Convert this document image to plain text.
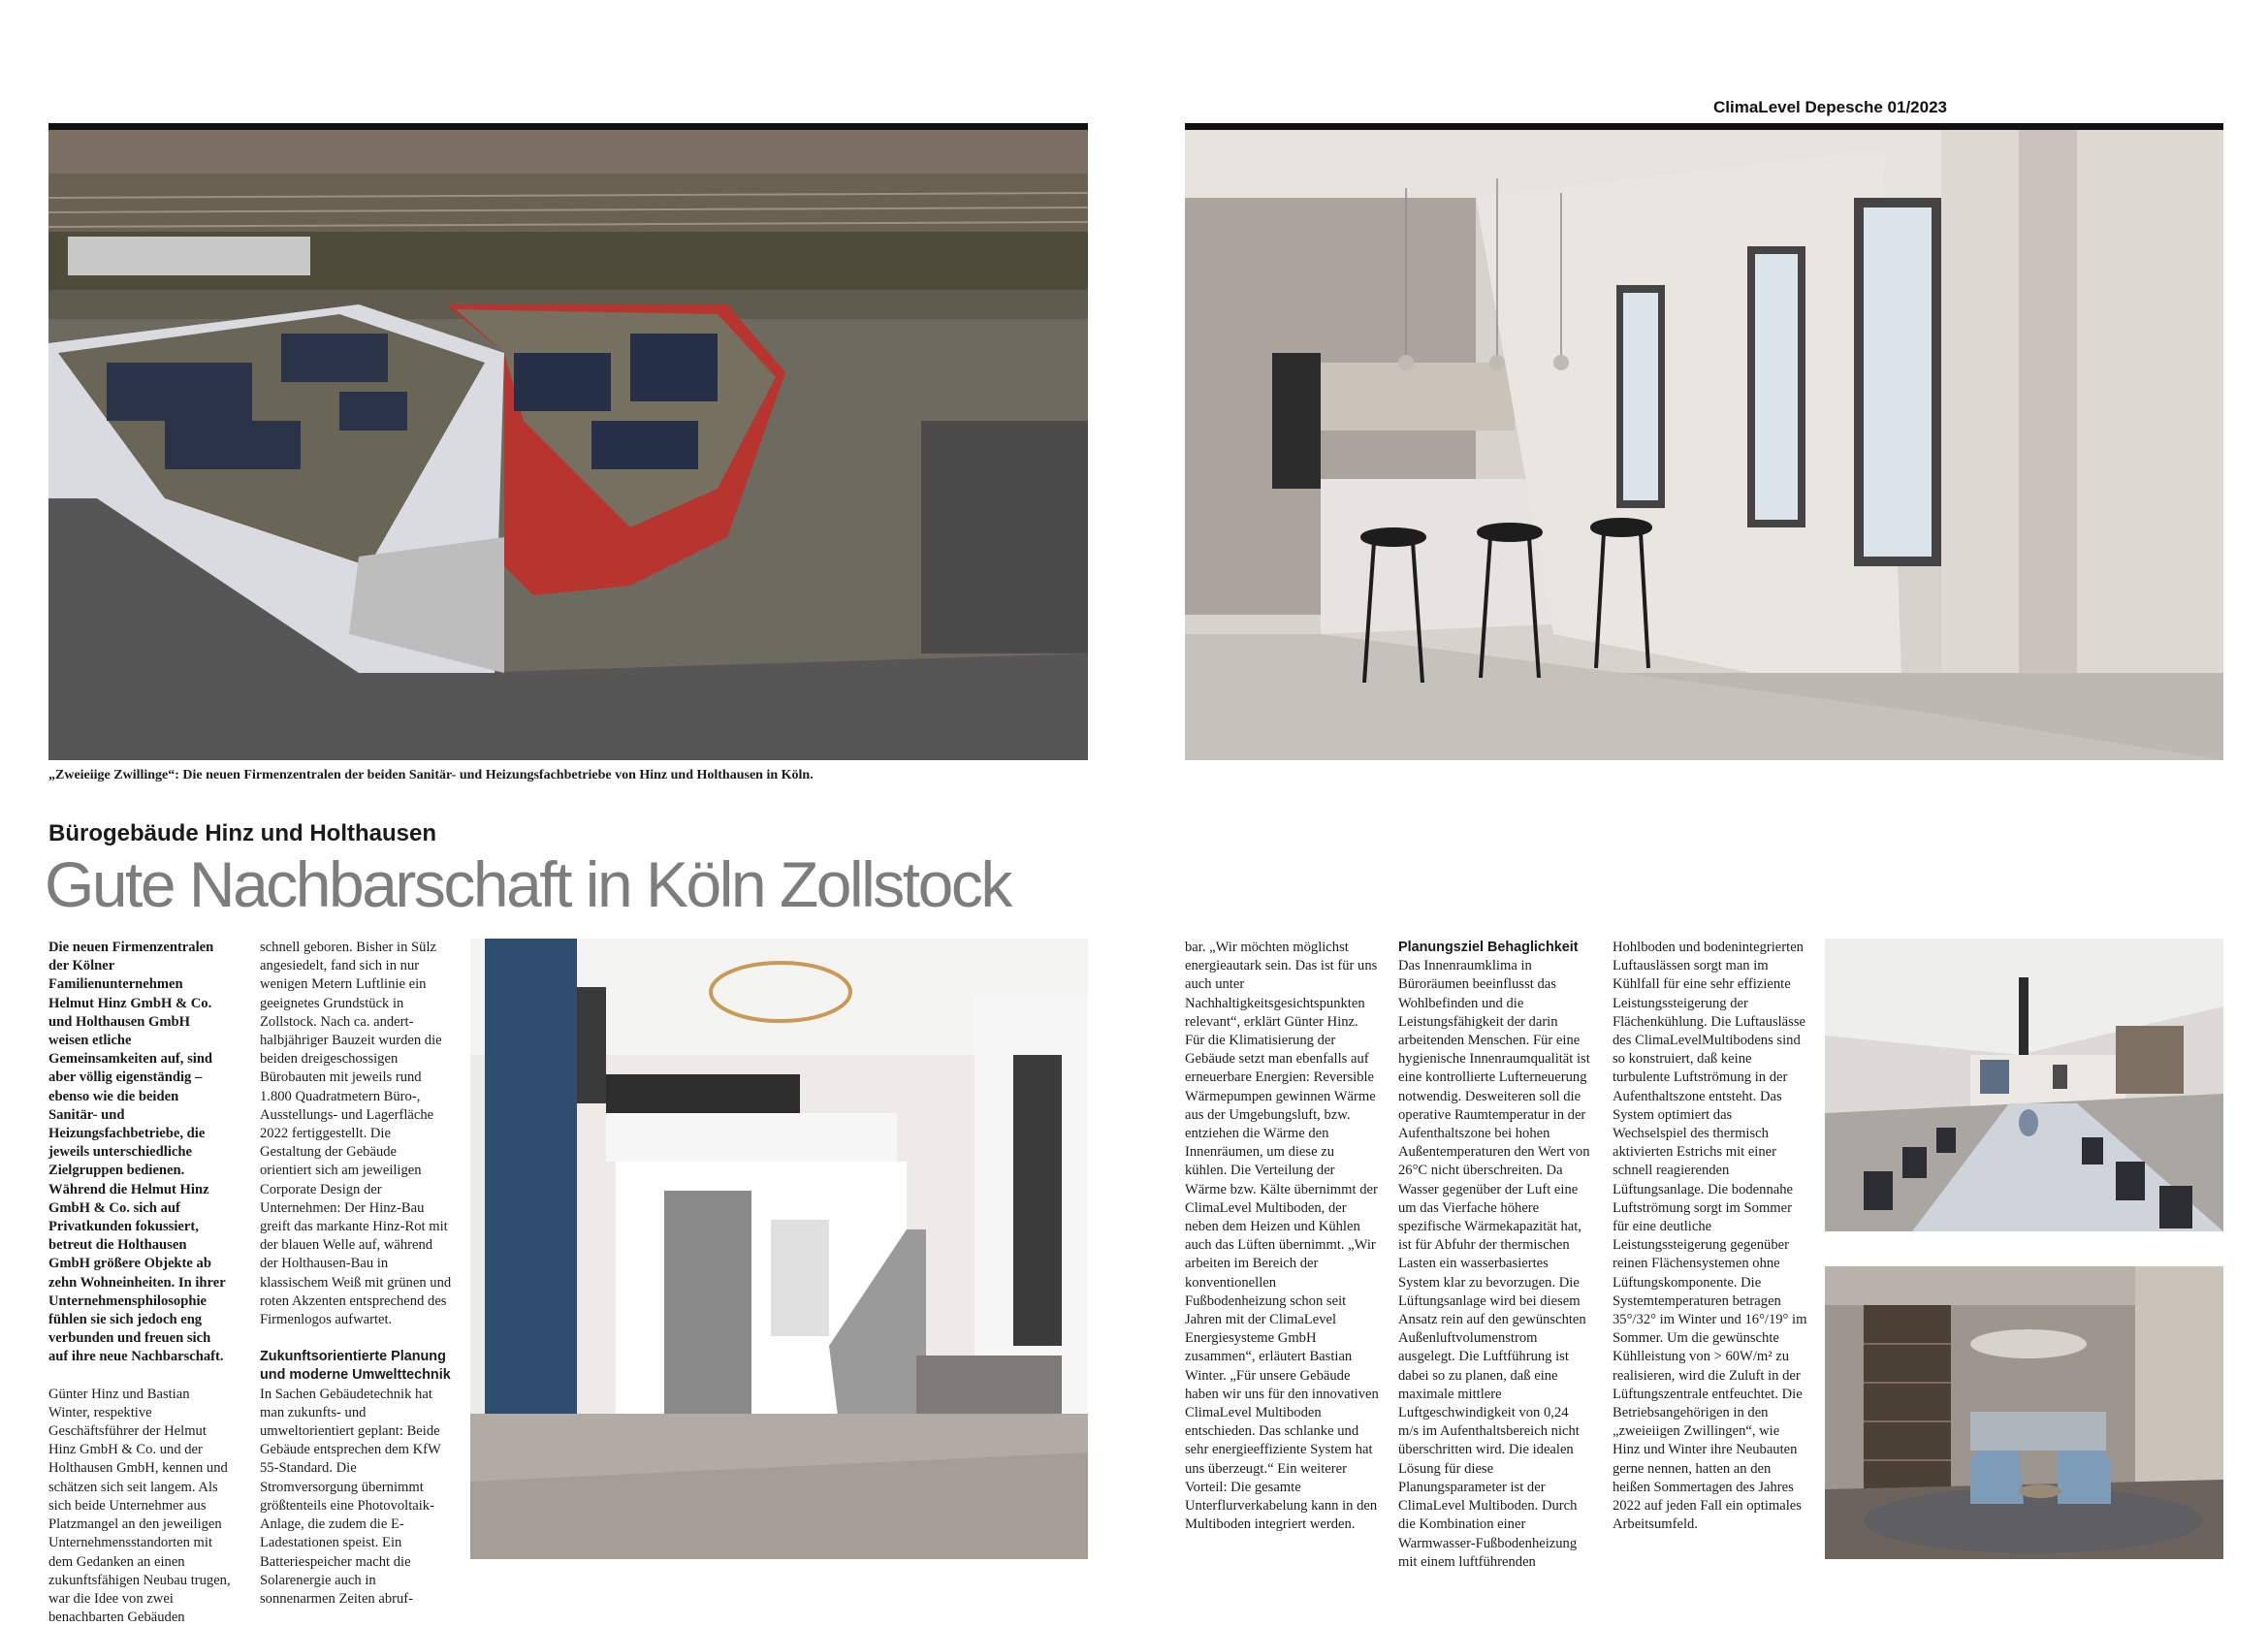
ClimaLevel Depesche 01/2023
„Zweieiige Zwillinge“: Die neuen Firmenzentralen der beiden Sanitär- und Heizungsfachbetriebe von Hinz und Holthausen in Köln.
Bürogebäude Hinz und Holthausen
Gute Nachbarschaft in Köln Zollstock

Die neuen Firmenzentralen der Kölner Familienunternehmen Helmut Hinz GmbH & Co. und Holthausen GmbH weisen etliche Gemeinsamkeiten auf, sind aber völlig eigenständig – ebenso wie die beiden Sanitär- und Heizungsfachbetriebe, die jeweils unterschiedliche Zielgruppen bedienen. Während die Helmut Hinz GmbH & Co. sich auf Privatkunden fokussiert, betreut die Holthausen GmbH größere Objekte ab zehn Wohneinheiten. In ihrer Unternehmensphilosophie fühlen sie sich jedoch eng verbunden und freuen sich auf ihre neue Nachbarschaft.

Günter Hinz und Bastian Winter, respektive Geschäftsführer der Helmut Hinz GmbH & Co. und der Holthausen GmbH, kennen und schätzen sich seit langem. Als sich beide Unternehmer aus Platzmangel an den jeweiligen Unternehmensstandorten mit dem Gedanken an einen zukunftsfähigen Neubau trugen, war die Idee von zwei benachbarten Gebäuden

schnell geboren. Bisher in Sülz angesiedelt, fand sich in nur wenigen Metern Luftlinie ein geeignetes Grundstück in Zollstock. Nach ca. anderthalbjähriger Bauzeit wurden die beiden dreigeschossigen Bürobauten mit jeweils rund 1.800 Quadratmetern Büro-, Ausstellungs- und Lagerfläche 2022 fertiggestellt. Die Gestaltung der Gebäude orientiert sich am jeweiligen Corporate Design der Unternehmen: Der Hinz-Bau greift das markante Hinz-Rot mit der blauen Welle auf, während der Holthausen-Bau in klassischem Weiß mit grünen und roten Akzenten entsprechend des Firmenlogos aufwartet.

Zukunftsorientierte Planung und moderne Umwelttechnik

In Sachen Gebäudetechnik hat man zukunfts- und umweltorientiert geplant: Beide Gebäude entsprechen dem KfW 55-Standard. Die Stromversorgung übernimmt größtenteils eine Photovoltaik-Anlage, die zudem die E-Ladestationen speist. Ein Batteriespeicher macht die Solarenergie auch in sonnenarmen Zeiten abruf-

bar. „Wir möchten möglichst energieautark sein. Das ist für uns auch unter Nachhaltigkeitsgesichtspunkten relevant“, erklärt Günter Hinz. Für die Klimatisierung der Gebäude setzt man ebenfalls auf erneuerbare Energien: Reversible Wärmepumpen gewinnen Wärme aus der Umgebungsluft, bzw. entziehen die Wärme den Innenräumen, um diese zu kühlen. Die Verteilung der Wärme bzw. Kälte übernimmt der ClimaLevel Multiboden, der neben dem Heizen und Kühlen auch das Lüften übernimmt. „Wir arbeiten im Bereich der konventionellen Fußbodenheizung schon seit Jahren mit der ClimaLevel Energiesysteme GmbH zusammen“, erläutert Bastian Winter. „Für unsere Gebäude haben wir uns für den innovativen ClimaLevel Multiboden entschieden. Das schlanke und sehr energieeffiziente System hat uns überzeugt.“ Ein weiterer Vorteil: Die gesamte Unterflurverkabelung kann in den Multiboden integriert werden.

Planungsziel Behaglichkeit

Das Innenraumklima in Büroräumen beeinflusst das Wohlbefinden und die Leistungsfähigkeit der darin arbeitenden Menschen. Für eine hygienische Innenraumqualität ist eine kontrollierte Lufterneuerung notwendig. Desweiteren soll die operative Raumtemperatur in der Aufenthaltszone bei hohen Außentemperaturen den Wert von 26°C nicht überschreiten. Da Wasser gegenüber der Luft eine um das Vierfache höhere spezifische Wärmekapazität hat, ist für Abfuhr der thermischen Lasten ein wasserbasiertes System klar zu bevorzugen. Die Lüftungsanlage wird bei diesem Ansatz rein auf den gewünschten Außenluftvolumenstrom ausgelegt. Die Luftführung ist dabei so zu planen, daß eine maximale mittlere Luftgeschwindigkeit von 0,24 m/s im Aufenthaltsbereich nicht überschritten wird. Die idealen Lösung für diese Planungsparameter ist der ClimaLevel Multiboden. Durch die Kombination einer Warmwasser-Fußbodenheizung mit einem luftführenden

Hohlboden und bodenintegrierten Luftauslässen sorgt man im Kühlfall für eine sehr effiziente Leistungssteigerung der Flächenkühlung. Die Luftauslässe des ClimaLevelMultibodens sind so konstruiert, daß keine turbulente Luftströmung in der Aufenthaltszone entsteht. Das System optimiert das Wechselspiel des thermisch aktivierten Estrichs mit einer schnell reagierenden Lüftungsanlage. Die bodennahe Luftströmung sorgt im Sommer für eine deutliche Leistungssteigerung gegenüber reinen Flächensystemen ohne Lüftungskomponente. Die Systemtemperaturen betragen 35°/32° im Winter und 16°/19° im Sommer. Um die gewünschte Kühlleistung von > 60W/m² zu realisieren, wird die Zuluft in der Lüftungszentrale entfeuchtet. Die Betriebsangehörigen in den „zweieiigen Zwillingen“, wie Hinz und Winter ihre Neubauten gerne nennen, hatten an den heißen Sommertagen des Jahres 2022 auf jeden Fall ein optimales Arbeitsumfeld.
